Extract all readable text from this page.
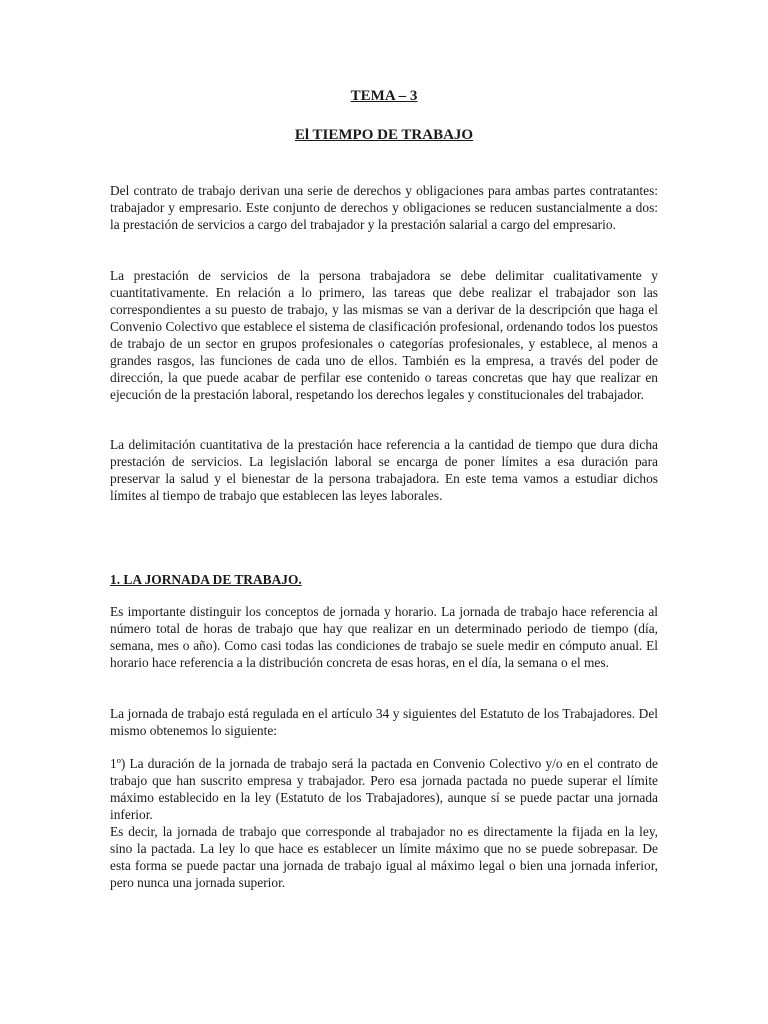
TEMA – 3
El TIEMPO DE TRABAJO

Del contrato de trabajo derivan una serie de derechos y obligaciones para ambas partes contratantes: trabajador y empresario. Este conjunto de derechos y obligaciones se reducen sustancialmente a dos: la prestación de servicios a cargo del trabajador y la prestación salarial a cargo del empresario.

La prestación de servicios de la persona trabajadora se debe delimitar cualitativamente y cuantitativamente. En relación a lo primero, las tareas que debe realizar el trabajador son las correspondientes a su puesto de trabajo, y las mismas se van a derivar de la descripción que haga el Convenio Colectivo que establece el sistema de clasificación profesional, ordenando todos los puestos de trabajo de un sector en grupos profesionales o categorías profesionales, y establece, al menos a grandes rasgos, las funciones de cada uno de ellos. También es la empresa, a través del poder de dirección, la que puede acabar de perfilar ese contenido o tareas concretas que hay que realizar en ejecución de la prestación laboral, respetando los derechos legales y constitucionales del trabajador.

La delimitación cuantitativa de la prestación hace referencia a la cantidad de tiempo que dura dicha prestación de servicios. La legislación laboral se encarga de poner límites a esa duración para preservar la salud y el bienestar de la persona trabajadora. En este tema vamos a estudiar dichos límites al tiempo de trabajo que establecen las leyes laborales.

1. LA JORNADA DE TRABAJO.

Es importante distinguir los conceptos de jornada y horario. La jornada de trabajo hace referencia al número total de horas de trabajo que hay que realizar en un determinado periodo de tiempo (día, semana, mes o año). Como casi todas las condiciones de trabajo se suele medir en cómputo anual. El horario hace referencia a la distribución concreta de esas horas, en el día, la semana o el mes.

La jornada de trabajo está regulada en el artículo 34 y siguientes del Estatuto de los Trabajadores. Del mismo obtenemos lo siguiente:

1º) La duración de la jornada de trabajo será la pactada en Convenio Colectivo y/o en el contrato de trabajo que han suscrito empresa y trabajador. Pero esa jornada pactada no puede superar el límite máximo establecido en la ley (Estatuto de los Trabajadores), aunque sí se puede pactar una jornada inferior.

Es decir, la jornada de trabajo que corresponde al trabajador no es directamente la fijada en la ley, sino la pactada. La ley lo que hace es establecer un límite máximo que no se puede sobrepasar. De esta forma se puede pactar una jornada de trabajo igual al máximo legal o bien una jornada inferior, pero nunca una jornada superior.
